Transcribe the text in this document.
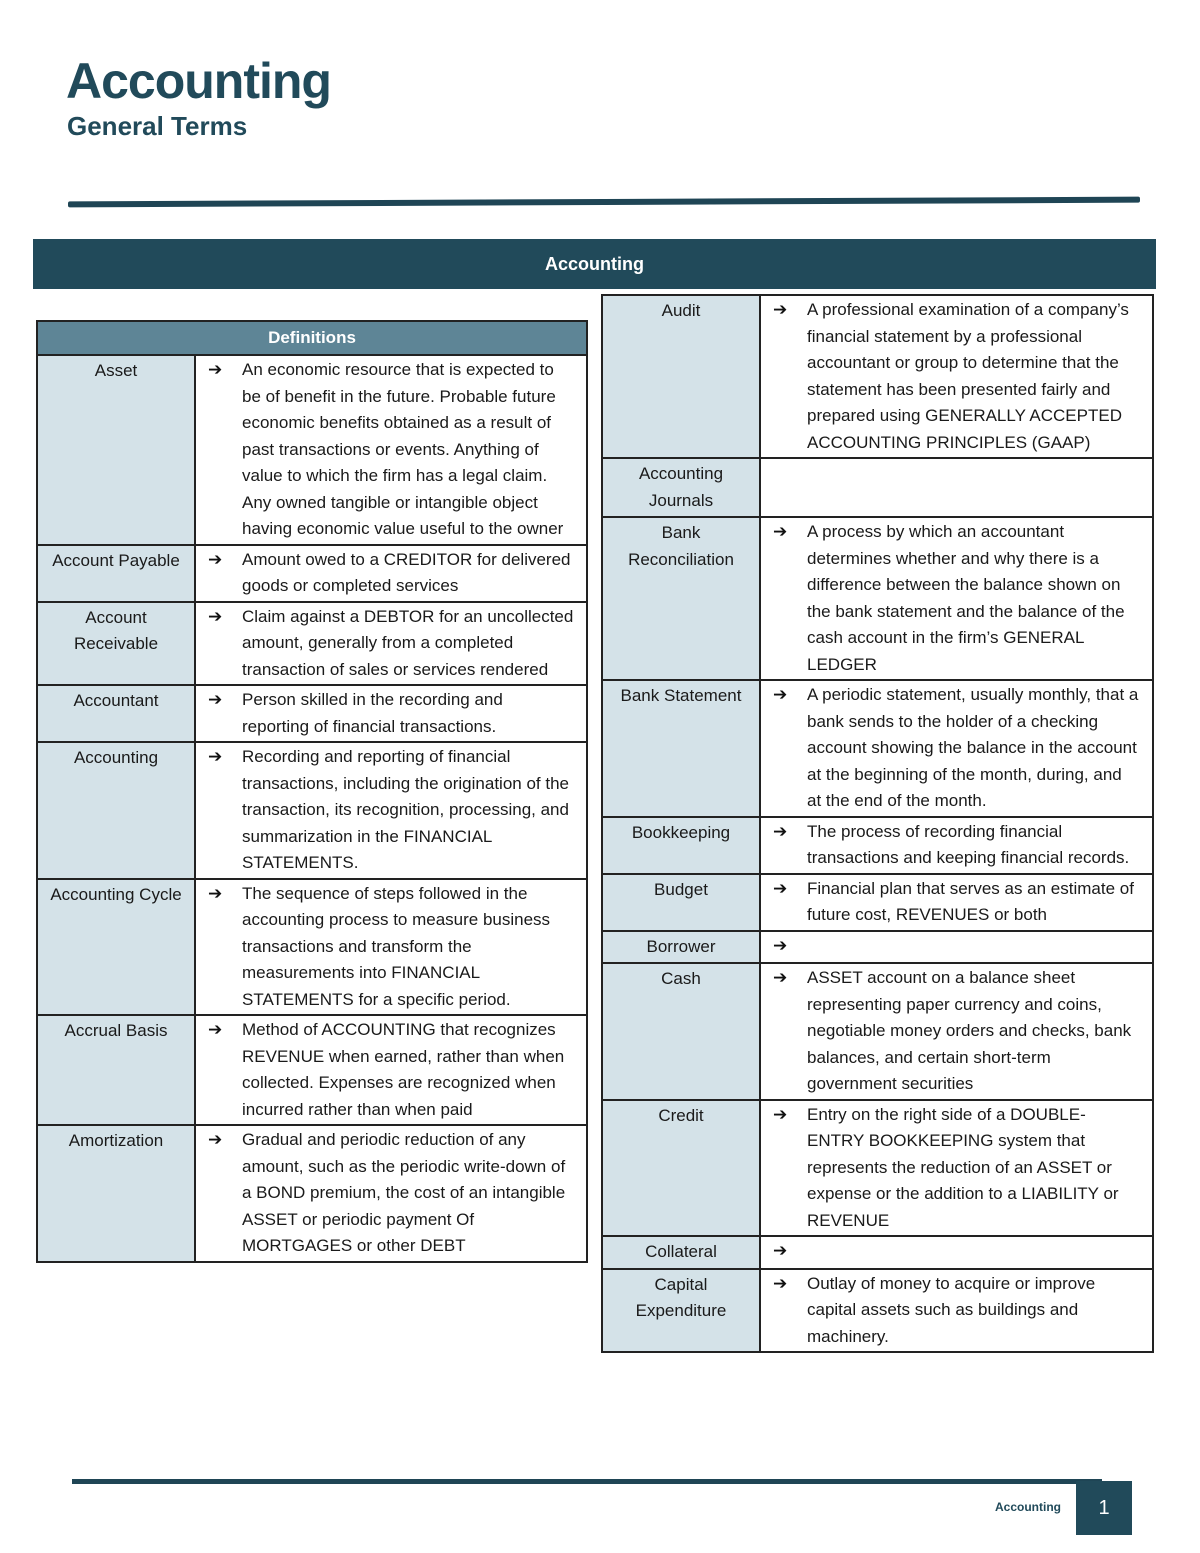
Accounting
General Terms
Accounting
Definitions	
Asset	➔ An economic resource that is expected to be of benefit in the future. Probable future economic benefits obtained as a result of past transactions or events. Anything of value to which the firm has a legal claim. Any owned tangible or intangible object having economic value useful to the owner

Account Payable	➔ Amount owed to a CREDITOR for delivered goods or completed services

Account Receivable	➔ Claim against a DEBTOR for an uncollected amount, generally from a completed transaction of sales or services rendered

Accountant	➔ Person skilled in the recording and reporting of financial transactions.

Accounting	➔ Recording and reporting of financial transactions, including the origination of the transaction, its recognition, processing, and summarization in the FINANCIAL STATEMENTS.

Accounting Cycle	➔ The sequence of steps followed in the accounting process to measure business transactions and transform the measurements into FINANCIAL STATEMENTS for a specific period.

Accrual Basis	➔ Method of ACCOUNTING that recognizes REVENUE when earned, rather than when collected. Expenses are recognized when incurred rather than when paid

Amortization	➔ Gradual and periodic reduction of any amount, such as the periodic write-down of a BOND premium, the cost of an intangible ASSET or periodic payment Of MORTGAGES or other DEBT
Audit	➔ A professional examination of a company’s financial statement by a professional accountant or group to determine that the statement has been presented fairly and prepared using GENERALLY ACCEPTED ACCOUNTING PRINCIPLES (GAAP)

Accounting Journals	
Bank Reconciliation	➔ A process by which an accountant determines whether and why there is a difference between the balance shown on the bank statement and the balance of the cash account in the firm’s GENERAL LEDGER

Bank Statement	➔ A periodic statement, usually monthly, that a bank sends to the holder of a checking account showing the balance in the account at the beginning of the month, during, and at the end of the month.

Bookkeeping	➔ The process of recording financial transactions and keeping financial records.

Budget	➔ Financial plan that serves as an estimate of future cost, REVENUES or both

Borrower	➔

Cash	➔ ASSET account on a balance sheet representing paper currency and coins, negotiable money orders and checks, bank balances, and certain short-term government securities

Credit	➔ Entry on the right side of a DOUBLE-ENTRY BOOKKEEPING system that represents the reduction of an ASSET or expense or the addition to a LIABILITY or REVENUE

Collateral	➔

Capital Expenditure	➔ Outlay of money to acquire or improve capital assets such as buildings and machinery.
Accounting	1
